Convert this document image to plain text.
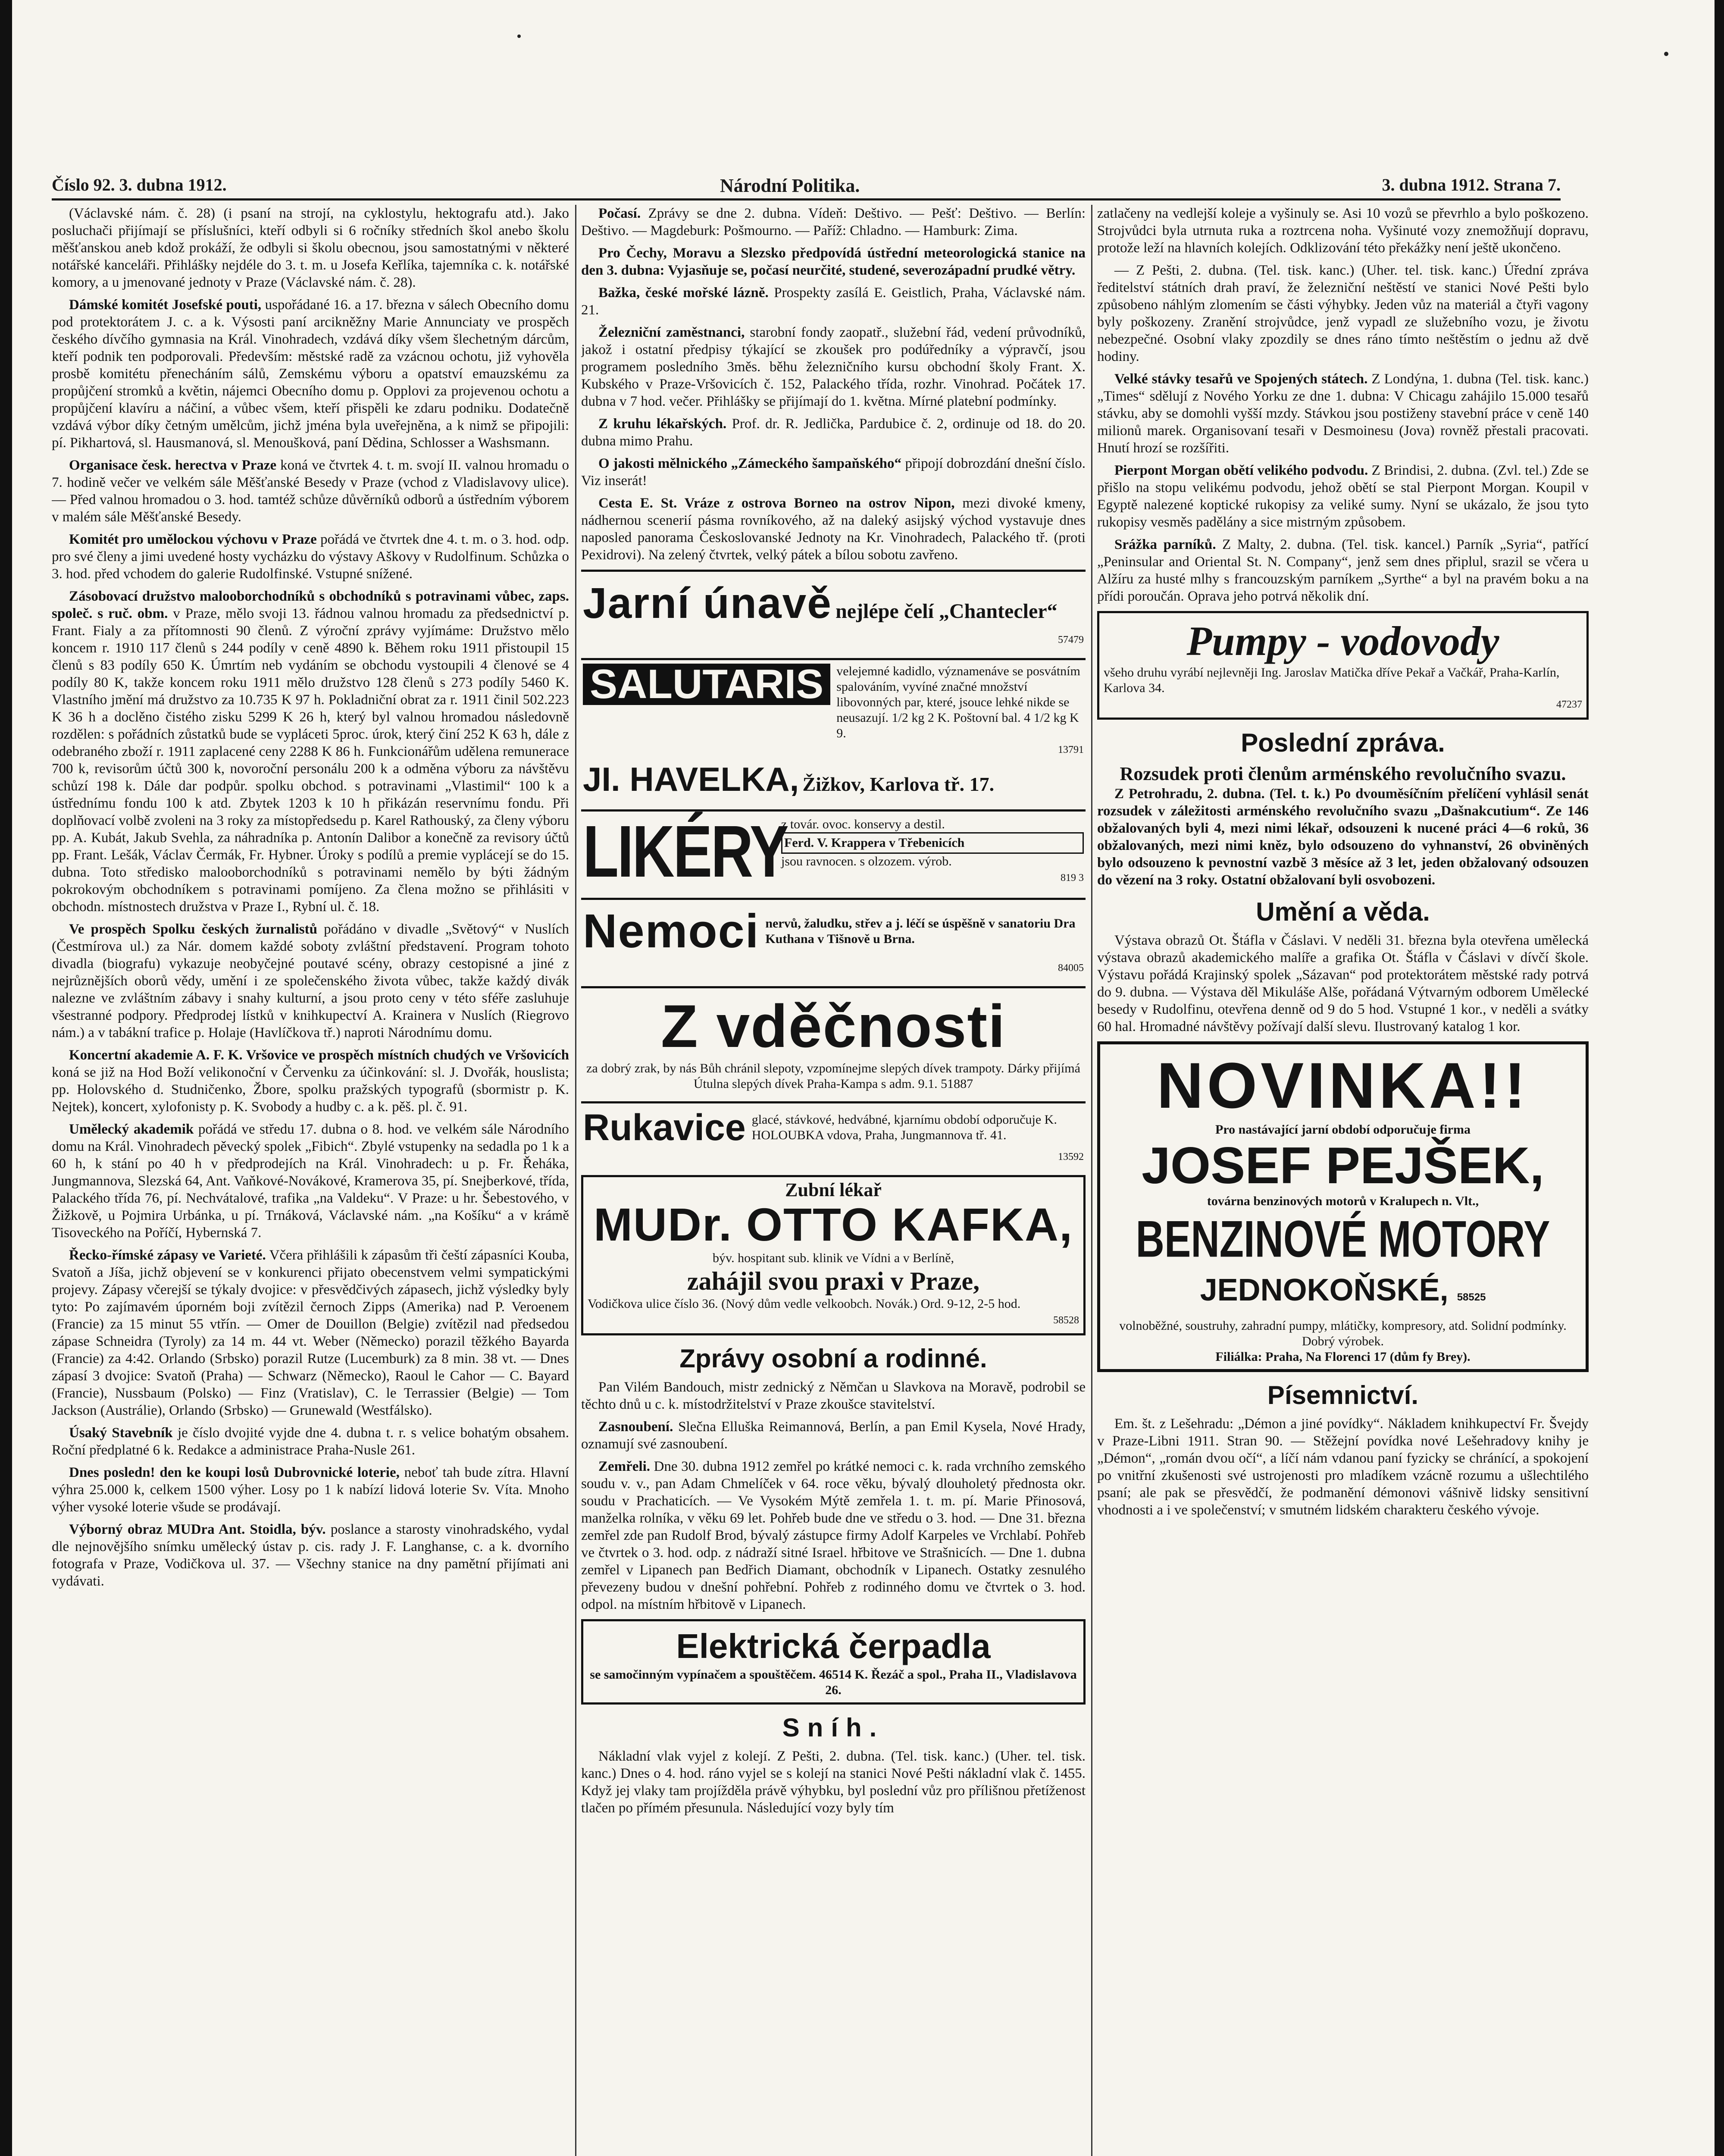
Číslo 92. 3. dubna 1912.	Národní Politika.	3. dubna 1912. Strana 7.

(Václavské nám. č. 28) (i psaní na strojí, na cyklostylu, hektografu atd.). Jako posluchači přijímají se příslušníci, kteří odbyli si 6 ročníky středních škol anebo školu měšťanskou aneb kdož prokáží, že odbyli si školu obecnou, jsou samostatnými v některé notářské kanceláři. Přihlášky nejdéle do 3. t. m. u Josefa Keřlíka, tajemníka c. k. notářské komory, a u jmenované jednoty v Praze (Václavské nám. č. 28).

Dámské komitét Josefské pouti, uspořádané 16. a 17. března v sálech Obecního domu pod protektorátem J. c. a k. Výsosti paní arcikněžny Marie Annunciaty ve prospěch českého dívčího gymnasia na Král. Vinohradech, vzdává díky všem šlechetným dárcům, kteří podnik ten podporovali. Především: městské radě za vzácnou ochotu, již vyhověla prosbě komitétu přenecháním sálů, Zemskému výboru a opatství emauzskému za propůjčení stromků a květin, nájemci Obecního domu p. Opplovi za projevenou ochotu a propůjčení klavíru a náčiní, a vůbec všem, kteří přispěli ke zdaru podniku. Dodatečně vzdává výbor díky četným umělcům, jichž jména byla uveřejněna, a k nimž se připojili: pí. Pikhartová, sl. Hausmanová, sl. Menoušková, paní Dědina, Schlosser a Washsmann.

Organisace česk. herectva v Praze koná ve čtvrtek 4. t. m. svojí II. valnou hromadu o 7. hodině večer ve velkém sále Měšťanské Besedy v Praze (vchod z Vladislavovy ulice). — Před valnou hromadou o 3. hod. tamtéž schůze důvěrníků odborů a ústředním výborem v malém sále Měšťanské Besedy.

Komitét pro umělockou výchovu v Praze pořádá ve čtvrtek dne 4. t. m. o 3. hod. odp. pro své členy a jimi uvedené hosty vycházku do výstavy Aškovy v Rudolfinum. Schůzka o 3. hod. před vchodem do galerie Rudolfinské. Vstupné snížené.

Zásobovací družstvo malooborchodníků s obchodníků s potravinami vůbec, zaps. společ. s ruč. obm. v Praze, mělo svoji 13. řádnou valnou hromadu za předsednictví p. Frant. Fialy a za přítomnosti 90 členů. Z výroční zprávy vyjímáme: Družstvo mělo koncem r. 1910 117 členů s 244 podíly v ceně 4890 k. Během roku 1911 přistoupil 15 členů s 83 podíly 650 K. Úmrtím neb vydáním se obchodu vystoupili 4 členové se 4 podíly 80 K, takže koncem roku 1911 mělo družstvo 128 členů s 273 podíly 5460 K. Vlastního jmění má družstvo za 10.735 K 97 h. Pokladniční obrat za r. 1911 činil 502.223 K 36 h a doclěno čistého zisku 5299 K 26 h, který byl valnou hromadou následovně rozdělen: s pořádních zůstatků bude se vypláceti 5proc. úrok, který činí 252 K 63 h, dále z odebraného zboží r. 1911 zaplacené ceny 2288 K 86 h. Funkcionářům udělena remunerace 700 k, revisorům účtů 300 k, novoroční personálu 200 k a odměna výboru za návštěvu schůzí 198 k. Dále dar podpůr. spolku obchod. s potravinami „Vlastimil“ 100 k a ústřednímu fondu 100 k atd. Zbytek 1203 k 10 h přikázán reservnímu fondu. Při doplňovací volbě zvoleni na 3 roky za místopředsedu p. Karel Rathouský, za členy výboru pp. A. Kubát, Jakub Svehla, za náhradníka p. Antonín Dalibor a konečně za revisory účtů pp. Frant. Lešák, Václav Čermák, Fr. Hybner. Úroky s podílů a premie vyplácejí se do 15. dubna. Toto středisko malooborchodníků s potravinami nemělo by býti žádným pokrokovým obchodníkem s potravinami pomíjeno. Za člena možno se přihlásiti v obchodn. místnostech družstva v Praze I., Rybní ul. č. 18.

Ve prospěch Spolku českých žurnalistů pořádáno v divadle „Světový“ v Nuslích (Čestmírova ul.) za Nár. domem každé soboty zvláštní představení. Program tohoto divadla (biografu) vykazuje neobyčejné poutavé scény, obrazy cestopisné a jiné z nejrůznějších oborů vědy, umění i ze společenského života vůbec, takže každý divák nalezne ve zvláštním zábavy i snahy kulturní, a jsou proto ceny v této sféře zasluhuje všestranné podpory. Předprodej lístků v knihkupectví A. Krainera v Nuslích (Riegrovo nám.) a v tabákní trafice p. Holaje (Havlíčkova tř.) naproti Národnímu domu.

Koncertní akademie A. F. K. Vršovice ve prospěch místních chudých ve Vršovicích koná se již na Hod Boží velikonoční v Červenku za účinkování: sl. J. Dvořák, houslista; pp. Holovského d. Studničenko, Žbore, spolku pražských typografů (sbormistr p. K. Nejtek), koncert, xylofonisty p. K. Svobody a hudby c. a k. pěš. pl. č. 91.

Umělecký akademik pořádá ve středu 17. dubna o 8. hod. ve velkém sále Národního domu na Král. Vinohradech pěvecký spolek „Fibich“. Zbylé vstupenky na sedadla po 1 k a 60 h, k stání po 40 h v předprodejích na Král. Vinohradech: u p. Fr. Řeháka, Jungmannova, Slezská 64, Ant. Vaňkové-Novákové, Kramerova 35, pí. Snejberkové, třída, Palackého třída 76, pí. Nechvátalové, trafika „na Valdeku“. V Praze: u hr. Šebestového, v Žižkově, u Pojmira Urbánka, u pí. Trnáková, Václavské nám. „na Košíku“ a v krámě Tisoveckého na Poříčí, Hybernská 7.

Řecko-římské zápasy ve Varieté. Včera přihlášili k zápasům tři čeští zápasníci Kouba, Svatoň a Jíša, jichž objevení se v konkurenci přijato obecenstvem velmi sympatickými projevy. Zápasy včerejší se týkaly dvojice: v přesvědčivých zápasech, jichž výsledky byly tyto: Po zajímavém úporném boji zvítězil černoch Zipps (Amerika) nad P. Veroenem (Francie) za 15 minut 55 vtřín. — Omer de Douillon (Belgie) zvítězil nad předsedou zápase Schneidra (Tyroly) za 14 m. 44 vt. Weber (Německo) porazil těžkého Bayarda (Francie) za 4:42. Orlando (Srbsko) porazil Rutze (Lucemburk) za 8 min. 38 vt. — Dnes zápasí 3 dvojice: Svatoň (Praha) — Schwarz (Německo), Raoul le Cahor — C. Bayard (Francie), Nussbaum (Polsko) — Finz (Vratislav), C. le Terrassier (Belgie) — Tom Jackson (Austrálie), Orlando (Srbsko) — Grunewald (Westfálsko).

Úsaký Stavebník je číslo dvojité vyjde dne 4. dubna t. r. s velice bohatým obsahem. Roční předplatné 6 k. Redakce a administrace Praha-Nusle 261.

Dnes posledn! den ke koupi losů Dubrovnické loterie, neboť tah bude zítra. Hlavní výhra 25.000 k, celkem 1500 výher. Losy po 1 k nabízí lidová loterie Sv. Víta. Mnoho výher vysoké loterie všude se prodávají.

Výborný obraz MUDra Ant. Stoidla, býv. poslance a starosty vinohradského, vydal dle nejnovějšího snímku umělecký ústav p. cis. rady J. F. Langhanse, c. a k. dvorního fotografa v Praze, Vodičkova ul. 37. — Všechny stanice na dny pamětní přijímati ani vydávati.

Počasí. Zprávy se dne 2. dubna. Vídeň: Deštivo. — Pešť: Deštivo. — Berlín: Deštivo. — Magdeburk: Pošmourno. — Paříž: Chladno. — Hamburk: Zima.

Pro Čechy, Moravu a Slezsko předpovídá ústřední meteorologická stanice na den 3. dubna: Vyjasňuje se, počasí neurčité, studené, severozápadní prudké větry.

Bažka, české mořské lázně. Prospekty zasílá E. Geistlich, Praha, Václavské nám. 21.

Železniční zaměstnanci, starobní fondy zaopatř., služební řád, vedení průvodníků, jakož i ostatní předpisy týkající se zkoušek pro podúředníky a výpravčí, jsou programem posledního 3měs. běhu železničního kursu obchodní školy Frant. X. Kubského v Praze-Vršovicích č. 152, Palackého třída, rozhr. Vinohrad. Počátek 17. dubna v 7 hod. večer. Přihlášky se přijímají do 1. května. Mírné platební podmínky.

Z kruhu lékařských. Prof. dr. R. Jedlička, Pardubice č. 2, ordinuje od 18. do 20. dubna mimo Prahu.

O jakosti mělnického „Zámeckého šampaňského“ připojí dobrozdání dnešní číslo. Viz inserát!

Cesta E. St. Vráze z ostrova Borneo na ostrov Nipon, mezi divoké kmeny, nádhernou scenerií pásma rovníkového, až na daleký asijský východ vystavuje dnes naposled panorama Českoslovanské Jednoty na Kr. Vinohradech, Palackého tř. (proti Pexidrovi). Na zelený čtvrtek, velký pátek a bílou sobotu zavřeno.

Jarní únavě nejlépe čelí „Chantecler“
57479
SALUTARIS	velejemné kadidlo, významenáve se posvátním spalováním, vyvíné značné množství libovonných par, které, jsouce lehké nikde se neusazují. 1/2 kg 2 K. Poštovní bal. 4 1/2 kg K 9.
13791
JI. HAVELKA, Žižkov, Karlova tř. 17.
LIKÉRY
z továr. ovoc. konservy a destil.
Ferd. V. Krappera v Třebenicích
jsou ravnocen. s olzozem. výrob.
819 3
Nemoci nervů, žaludku, střev a j. léčí se úspěšně v sanatoriu Dra Kuthana v Tišnově u Brna.
84005
Z vděčnosti
za dobrý zrak, by nás Bůh chránil slepoty, vzpomínejme slepých dívek trampoty. Dárky přijímá Útulna slepých dívek Praha-Kampa s adm. 9.1. 51887
Rukavice glacé, stávkové, hedvábné, kjarnímu období odporučuje K. HOLOUBKA vdova, Praha, Jungmannova tř. 41.
13592
Zubní lékař
MUDr. OTTO KAFKA,
býv. hospitant sub. klinik ve Vídni a v Berlíně,
zahájil svou praxi v Praze,
Vodičkova ulice číslo 36. (Nový dům vedle velkoobch. Novák.) Ord. 9-12, 2-5 hod.
58528
Zprávy osobní a rodinné.

Pan Vilém Bandouch, mistr zednický z Němčan u Slavkova na Moravě, podrobil se těchto dnů u c. k. místodržitelství v Praze zkoušce stavitelství.

Zasnoubení. Slečna Elluška Reimannová, Berlín, a pan Emil Kysela, Nové Hrady, oznamují své zasnoubení.

Zemřeli. Dne 30. dubna 1912 zemřel po krátké nemoci c. k. rada vrchního zemského soudu v. v., pan Adam Chmelíček v 64. roce věku, bývalý dlouholetý přednosta okr. soudu v Prachaticích. — Ve Vysokém Mýtě zemřela 1. t. m. pí. Marie Přinosová, manželka rolníka, v věku 69 let. Pohřeb bude dne ve středu o 3. hod. — Dne 31. března zemřel zde pan Rudolf Brod, bývalý zástupce firmy Adolf Karpeles ve Vrchlabí. Pohřeb ve čtvrtek o 3. hod. odp. z nádraží sitné Israel. hřbitove ve Strašnicích. — Dne 1. dubna zemřel v Lipanech pan Bedřich Diamant, obchodník v Lipanech. Ostatky zesnulého převezeny budou v dnešní pohřební. Pohřeb z rodinného domu ve čtvrtek o 3. hod. odpol. na místním hřbitově v Lipanech.

Elektrická čerpadla
se samočinným vypínačem a spouštěčem. 46514 K. Řezáč a spol., Praha II., Vladislavova 26.
Sníh.

Nákladní vlak vyjel z kolejí. Z Pešti, 2. dubna. (Tel. tisk. kanc.) (Uher. tel. tisk. kanc.) Dnes o 4. hod. ráno vyjel se s kolejí na stanici Nové Pešti nákladní vlak č. 1455. Když jej vlaky tam projížděla právě výhybku, byl poslední vůz pro přílišnou přetíženost tlačen po přímém přesunula. Následující vozy byly tím

zatlačeny na vedlejší koleje a vyšinuly se. Asi 10 vozů se převrhlo a bylo poškozeno. Strojvůdci byla utrnuta ruka a roztrcena noha. Vyšinuté vozy znemožňují dopravu, protože leží na hlavních kolejích. Odklizování této překážky není ještě ukončeno.

— Z Pešti, 2. dubna. (Tel. tisk. kanc.) (Uher. tel. tisk. kanc.) Úřední zpráva ředitelství státních drah praví, že železniční neštěstí ve stanici Nové Pešti bylo způsobeno náhlým zlomením se části výhybky. Jeden vůz na materiál a čtyři vagony byly poškozeny. Zranění strojvůdce, jenž vypadl ze služebního vozu, je životu nebezpečné. Osobní vlaky zpozdily se dnes ráno tímto neštěstím o jednu až dvě hodiny.

Velké stávky tesařů ve Spojených státech. Z Londýna, 1. dubna (Tel. tisk. kanc.) „Times“ sdělují z Nového Yorku ze dne 1. dubna: V Chicagu zahájilo 15.000 tesařů stávku, aby se domohli vyšší mzdy. Stávkou jsou postiženy stavební práce v ceně 140 milionů marek. Organisovaní tesaři v Desmoinesu (Jova) rovněž přestali pracovati. Hnutí hrozí se rozšířiti.

Pierpont Morgan obětí velikého podvodu. Z Brindisi, 2. dubna. (Zvl. tel.) Zde se přišlo na stopu velikému podvodu, jehož obětí se stal Pierpont Morgan. Koupil v Egyptě nalezené koptické rukopisy za veliké sumy. Nyní se ukázalo, že jsou tyto rukopisy vesměs padělány a sice mistrným způsobem.

Srážka parníků. Z Malty, 2. dubna. (Tel. tisk. kancel.) Parník „Syria“, patřící „Peninsular and Oriental St. N. Company“, jenž sem dnes připlul, srazil se včera u Alžíru za husté mlhy s francouzským parníkem „Syrthe“ a byl na pravém boku a na přídi poroučán. Oprava jeho potrvá několik dní.

Pumpy - vodovody
všeho druhu vyrábí nejlevněji Ing. Jaroslav Matička dříve Pekař a Vačkář, Praha-Karlín, Karlova 34.
47237
Poslední zpráva.
Rozsudek proti členům arménského revolučního svazu.

Z Petrohradu, 2. dubna. (Tel. t. k.) Po dvouměsíčním přelíčení vyhlásil senát rozsudek v záležitosti arménského revolučního svazu „Dašnakcutium“. Ze 146 obžalovaných byli 4, mezi nimi lékař, odsouzeni k nucené práci 4—6 roků, 36 obžalovaných, mezi nimi kněz, bylo odsouzeno do vyhnanství, 26 obviněných bylo odsouzeno k pevnostní vazbě 3 měsíce až 3 let, jeden obžalovaný odsouzen do vězení na 3 roky. Ostatní obžalovaní byli osvobozeni.

Umění a věda.

Výstava obrazů Ot. Štáfla v Čáslavi. V neděli 31. března byla otevřena umělecká výstava obrazů akademického malíře a grafika Ot. Štáfla v Čáslavi v dívčí škole. Výstavu pořádá Krajinský spolek „Sázavan“ pod protektorátem městské rady potrvá do 9. dubna. — Výstava děl Mikuláše Alše, pořádaná Výtvarným odborem Umělecké besedy v Rudolfinu, otevřena denně od 9 do 5 hod. Vstupné 1 kor., v neděli a svátky 60 hal. Hromadné návštěvy požívají další slevu. Ilustrovaný katalog 1 kor.

NOVINKA!!
Pro nastávající jarní období odporučuje firma
JOSEF PEJŠEK,
továrna benzinových motorů v Kralupech n. Vlt.,
BENZINOVÉ MOTORY
JEDNOKOŇSKÉ, 58525
volnoběžné, soustruhy, zahradní pumpy, mlátičky, kompresory, atd. Solidní podmínky. Dobrý výrobek.
Filiálka: Praha, Na Florenci 17 (dům fy Brey).
Písemnictví.

Em. št. z Lešehradu: „Démon a jiné povídky“. Nákladem knihkupectví Fr. Švejdy v Praze-Libni 1911. Stran 90. — Stěžejní povídka nové Lešehradovy knihy je „Démon“, „román dvou očí“, a líčí nám vdanou paní fyzicky se chránící, a spokojení po vnitřní zkušenosti své ustrojenosti pro mladíkem vzácně rozumu a ušlechtilého psaní; ale pak se přesvědčí, že podmanění démonovi vášnivě lidsky sensitivní vhodnosti a i ve společenství; v smutném lidském charakteru českého vývoje.
